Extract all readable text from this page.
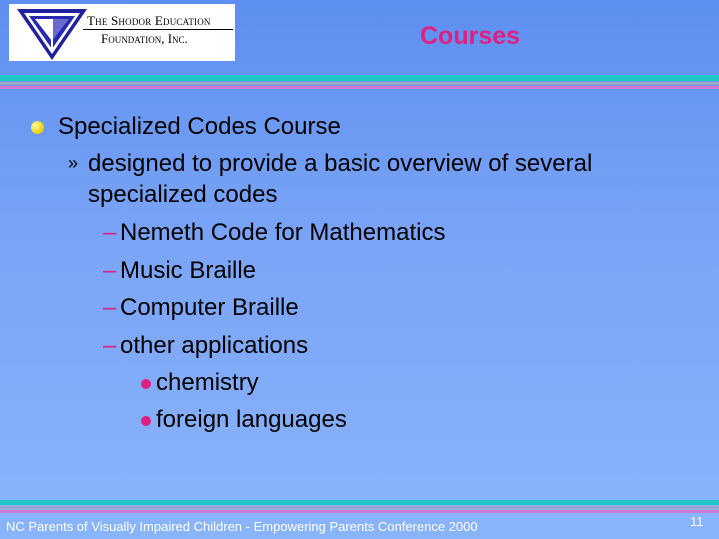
The Shodor Education
Foundation, Inc.	Courses
Specialized Codes Course
» designed to provide a basic overview of several
specialized codes
– Nemeth Code for Mathematics
– Music Braille
– Computer Braille
– other applications
chemistry
foreign languages
NC Parents of Visually Impaired Children - Empowering Parents Conference 2000	11
